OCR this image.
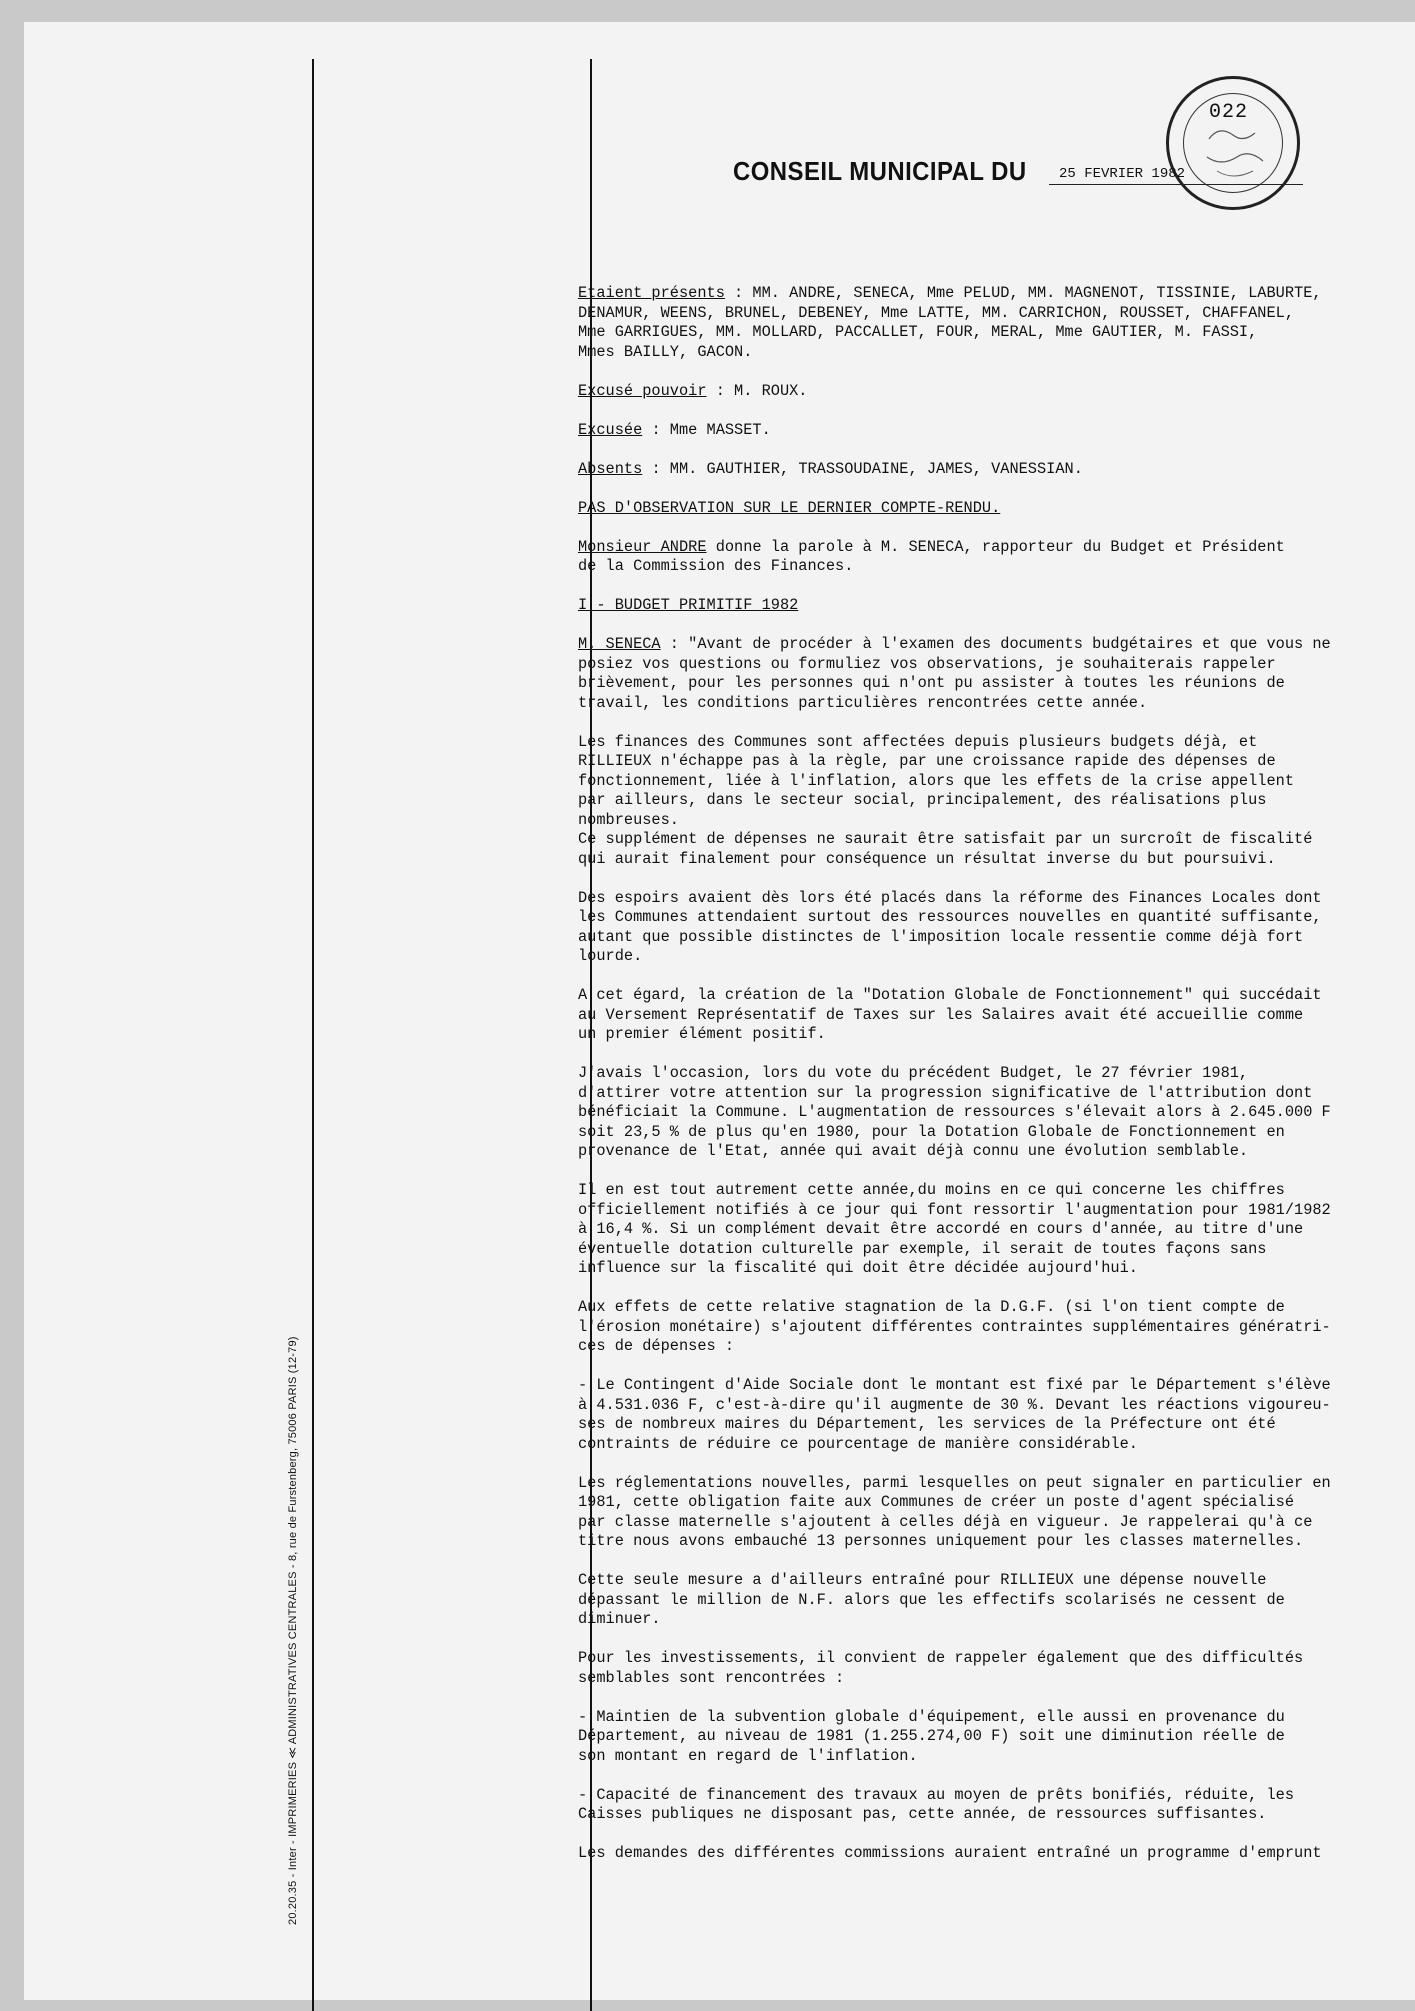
20.20.35 - Inter - IMPRIMERIES ≪ ADMINISTRATIVES CENTRALES - 8, rue de Furstenberg, 75006 PARIS (12-79)
022
CONSEIL MUNICIPAL DU 25 FEVRIER 1982
Etaient présents : MM. ANDRE, SENECA, Mme PELUD, MM. MAGNENOT, TISSINIE, LABURTE,
DENAMUR, WEENS, BRUNEL, DEBENEY, Mme LATTE, MM. CARRICHON, ROUSSET, CHAFFANEL,
Mme GARRIGUES, MM. MOLLARD, PACCALLET, FOUR, MERAL, Mme GAUTIER, M. FASSI,
Mmes BAILLY, GACON.
Excusé pouvoir : M. ROUX.
Excusée : Mme MASSET.
Absents : MM. GAUTHIER, TRASSOUDAINE, JAMES, VANESSIAN.
PAS D'OBSERVATION SUR LE DERNIER COMPTE-RENDU.
Monsieur ANDRE donne la parole à M. SENECA, rapporteur du Budget et Président
de la Commission des Finances.
I - BUDGET PRIMITIF 1982
M. SENECA : "Avant de procéder à l'examen des documents budgétaires et que vous ne
posiez vos questions ou formuliez vos observations, je souhaiterais rappeler
brièvement, pour les personnes qui n'ont pu assister à toutes les réunions de
travail, les conditions particulières rencontrées cette année.
Les finances des Communes sont affectées depuis plusieurs budgets déjà, et
RILLIEUX n'échappe pas à la règle, par une croissance rapide des dépenses de
fonctionnement, liée à l'inflation, alors que les effets de la crise appellent
par ailleurs, dans le secteur social, principalement, des réalisations plus
nombreuses.
Ce supplément de dépenses ne saurait être satisfait par un surcroît de fiscalité
qui aurait finalement pour conséquence un résultat inverse du but poursuivi.
Des espoirs avaient dès lors été placés dans la réforme des Finances Locales dont
les Communes attendaient surtout des ressources nouvelles en quantité suffisante,
autant que possible distinctes de l'imposition locale ressentie comme déjà fort
lourde.
A cet égard, la création de la "Dotation Globale de Fonctionnement" qui succédait
au Versement Représentatif de Taxes sur les Salaires avait été accueillie comme
un premier élément positif.
J'avais l'occasion, lors du vote du précédent Budget, le 27 février 1981,
d'attirer votre attention sur la progression significative de l'attribution dont
bénéficiait la Commune. L'augmentation de ressources s'élevait alors à 2.645.000 F
soit 23,5 % de plus qu'en 1980, pour la Dotation Globale de Fonctionnement en
provenance de l'Etat, année qui avait déjà connu une évolution semblable.
Il en est tout autrement cette année,du moins en ce qui concerne les chiffres
officiellement notifiés à ce jour qui font ressortir l'augmentation pour 1981/1982
à 16,4 %. Si un complément devait être accordé en cours d'année, au titre d'une
éventuelle dotation culturelle par exemple, il serait de toutes façons sans
influence sur la fiscalité qui doit être décidée aujourd'hui.
Aux effets de cette relative stagnation de la D.G.F. (si l'on tient compte de
l'érosion monétaire) s'ajoutent différentes contraintes supplémentaires génératri-
ces de dépenses :
- Le Contingent d'Aide Sociale dont le montant est fixé par le Département s'élève
à 4.531.036 F, c'est-à-dire qu'il augmente de 30 %. Devant les réactions vigoureu-
ses de nombreux maires du Département, les services de la Préfecture ont été
contraints de réduire ce pourcentage de manière considérable.
Les réglementations nouvelles, parmi lesquelles on peut signaler en particulier en
1981, cette obligation faite aux Communes de créer un poste d'agent spécialisé
par classe maternelle s'ajoutent à celles déjà en vigueur. Je rappelerai qu'à ce
titre nous avons embauché 13 personnes uniquement pour les classes maternelles.
Cette seule mesure a d'ailleurs entraîné pour RILLIEUX une dépense nouvelle
dépassant le million de N.F. alors que les effectifs scolarisés ne cessent de
diminuer.
Pour les investissements, il convient de rappeler également que des difficultés
semblables sont rencontrées :
- Maintien de la subvention globale d'équipement, elle aussi en provenance du
Département, au niveau de 1981 (1.255.274,00 F) soit une diminution réelle de
son montant en regard de l'inflation.
- Capacité de financement des travaux au moyen de prêts bonifiés, réduite, les
Caisses publiques ne disposant pas, cette année, de ressources suffisantes.
Les demandes des différentes commissions auraient entraîné un programme d'emprunt
